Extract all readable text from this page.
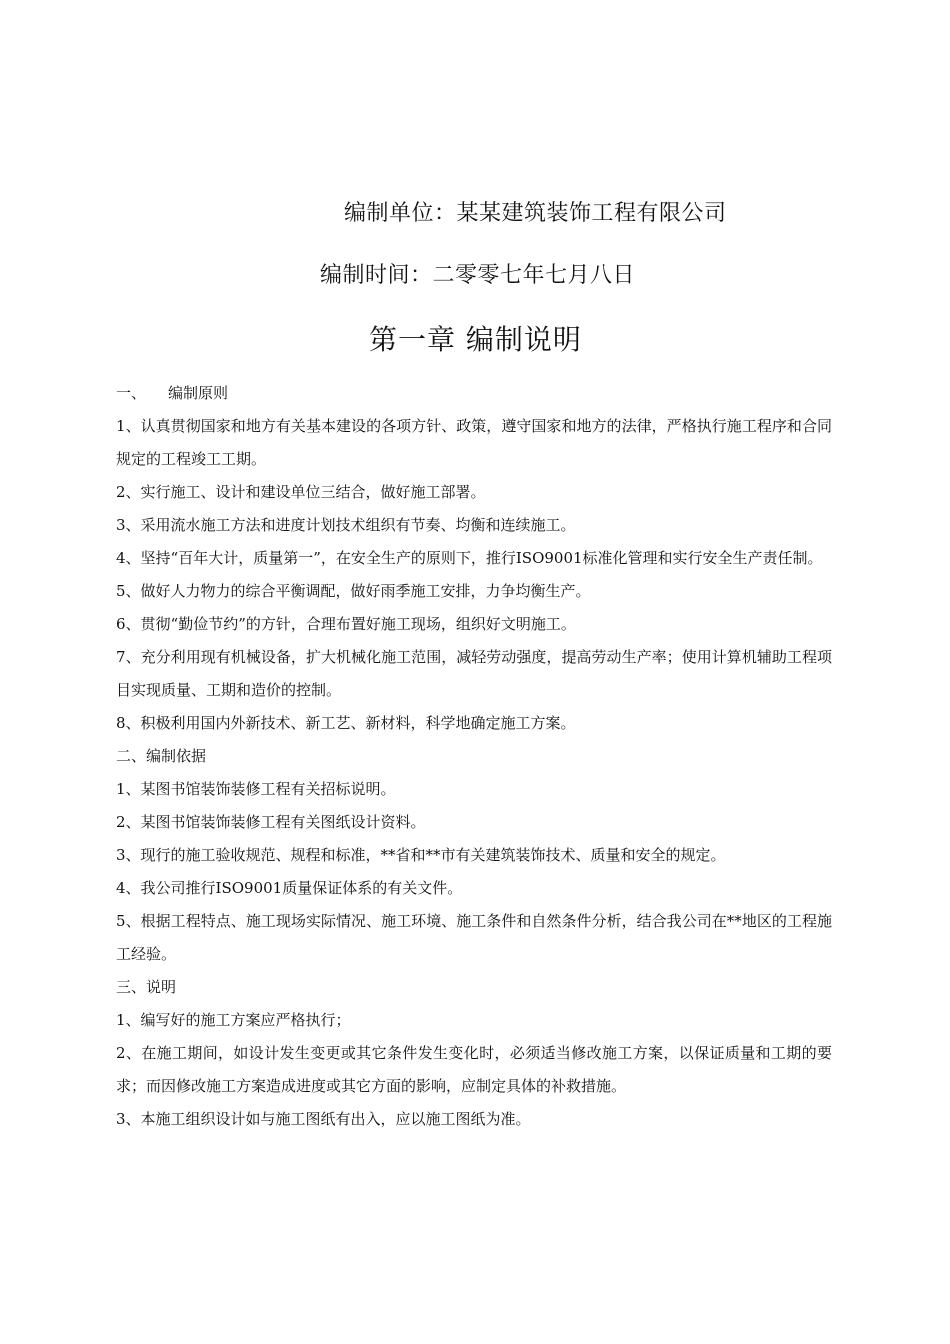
编制单位：某某建筑装饰工程有限公司
编制时间：二零零七年七月八日
第一章 编制说明

一、 编制原则

1、认真贯彻国家和地方有关基本建设的各项方针、政策，遵守国家和地方的法律，严格执行施工程序和合同规定的工程竣工工期。

2、实行施工、设计和建设单位三结合，做好施工部署。

3、采用流水施工方法和进度计划技术组织有节奏、均衡和连续施工。

4、坚持“百年大计，质量第一”，在安全生产的原则下，推行ISO9001标准化管理和实行安全生产责任制。

5、做好人力物力的综合平衡调配，做好雨季施工安排，力争均衡生产。

6、贯彻“勤俭节约”的方针，合理布置好施工现场，组织好文明施工。

7、充分利用现有机械设备，扩大机械化施工范围，减轻劳动强度，提高劳动生产率；使用计算机辅助工程项目实现质量、工期和造价的控制。

8、积极利用国内外新技术、新工艺、新材料，科学地确定施工方案。

二、编制依据

1、某图书馆装饰装修工程有关招标说明。

2、某图书馆装饰装修工程有关图纸设计资料。

3、现行的施工验收规范、规程和标准，**省和**市有关建筑装饰技术、质量和安全的规定。

4、我公司推行ISO9001质量保证体系的有关文件。

5、根据工程特点、施工现场实际情况、施工环境、施工条件和自然条件分析，结合我公司在**地区的工程施工经验。

三、说明

1、编写好的施工方案应严格执行；

2、在施工期间，如设计发生变更或其它条件发生变化时，必须适当修改施工方案，以保证质量和工期的要求；而因修改施工方案造成进度或其它方面的影响，应制定具体的补救措施。

3、本施工组织设计如与施工图纸有出入，应以施工图纸为准。
